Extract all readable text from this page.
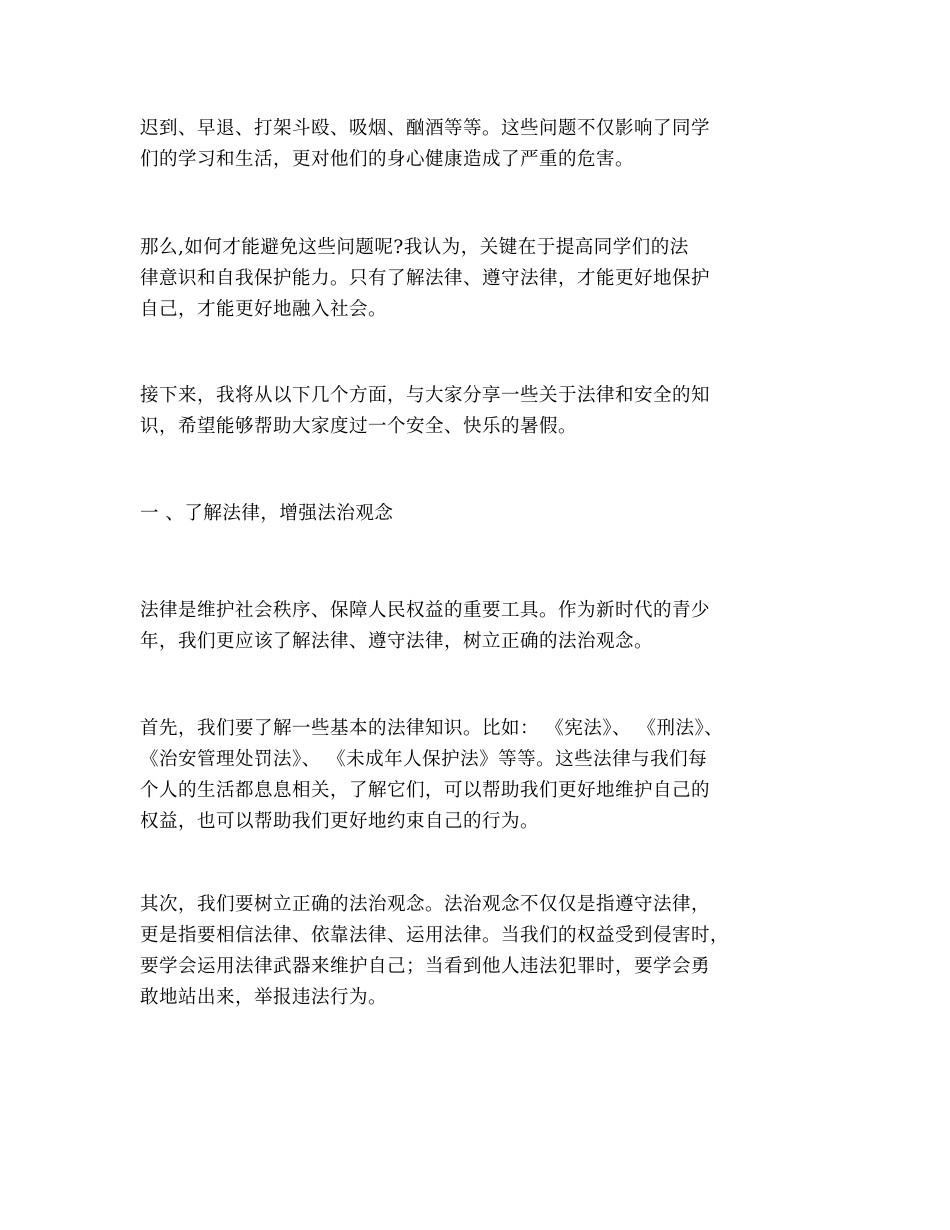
迟到、早退、打架斗殴、吸烟、酗酒等等。这些问题不仅影响了同学
们的学习和生活，更对他们的身心健康造成了严重的危害。

那么,如何才能避免这些问题呢?我认为，关键在于提高同学们的法
律意识和自我保护能力。只有了解法律、遵守法律，才能更好地保护
自己，才能更好地融入社会。

接下来，我将从以下几个方面，与大家分享一些关于法律和安全的知
识，希望能够帮助大家度过一个安全、快乐的暑假。

一 、了解法律，增强法治观念

法律是维护社会秩序、保障人民权益的重要工具。作为新时代的青少
年，我们更应该了解法律、遵守法律，树立正确的法治观念。

首先，我们要了解一些基本的法律知识。比如： 《宪法》、 《刑法》、
《治安管理处罚法》、 《未成年人保护法》等等。这些法律与我们每
个人的生活都息息相关，了解它们，可以帮助我们更好地维护自己的
权益，也可以帮助我们更好地约束自己的行为。

其次，我们要树立正确的法治观念。法治观念不仅仅是指遵守法律，
更是指要相信法律、依靠法律、运用法律。当我们的权益受到侵害时，
要学会运用法律武器来维护自己；当看到他人违法犯罪时，要学会勇
敢地站出来，举报违法行为。
